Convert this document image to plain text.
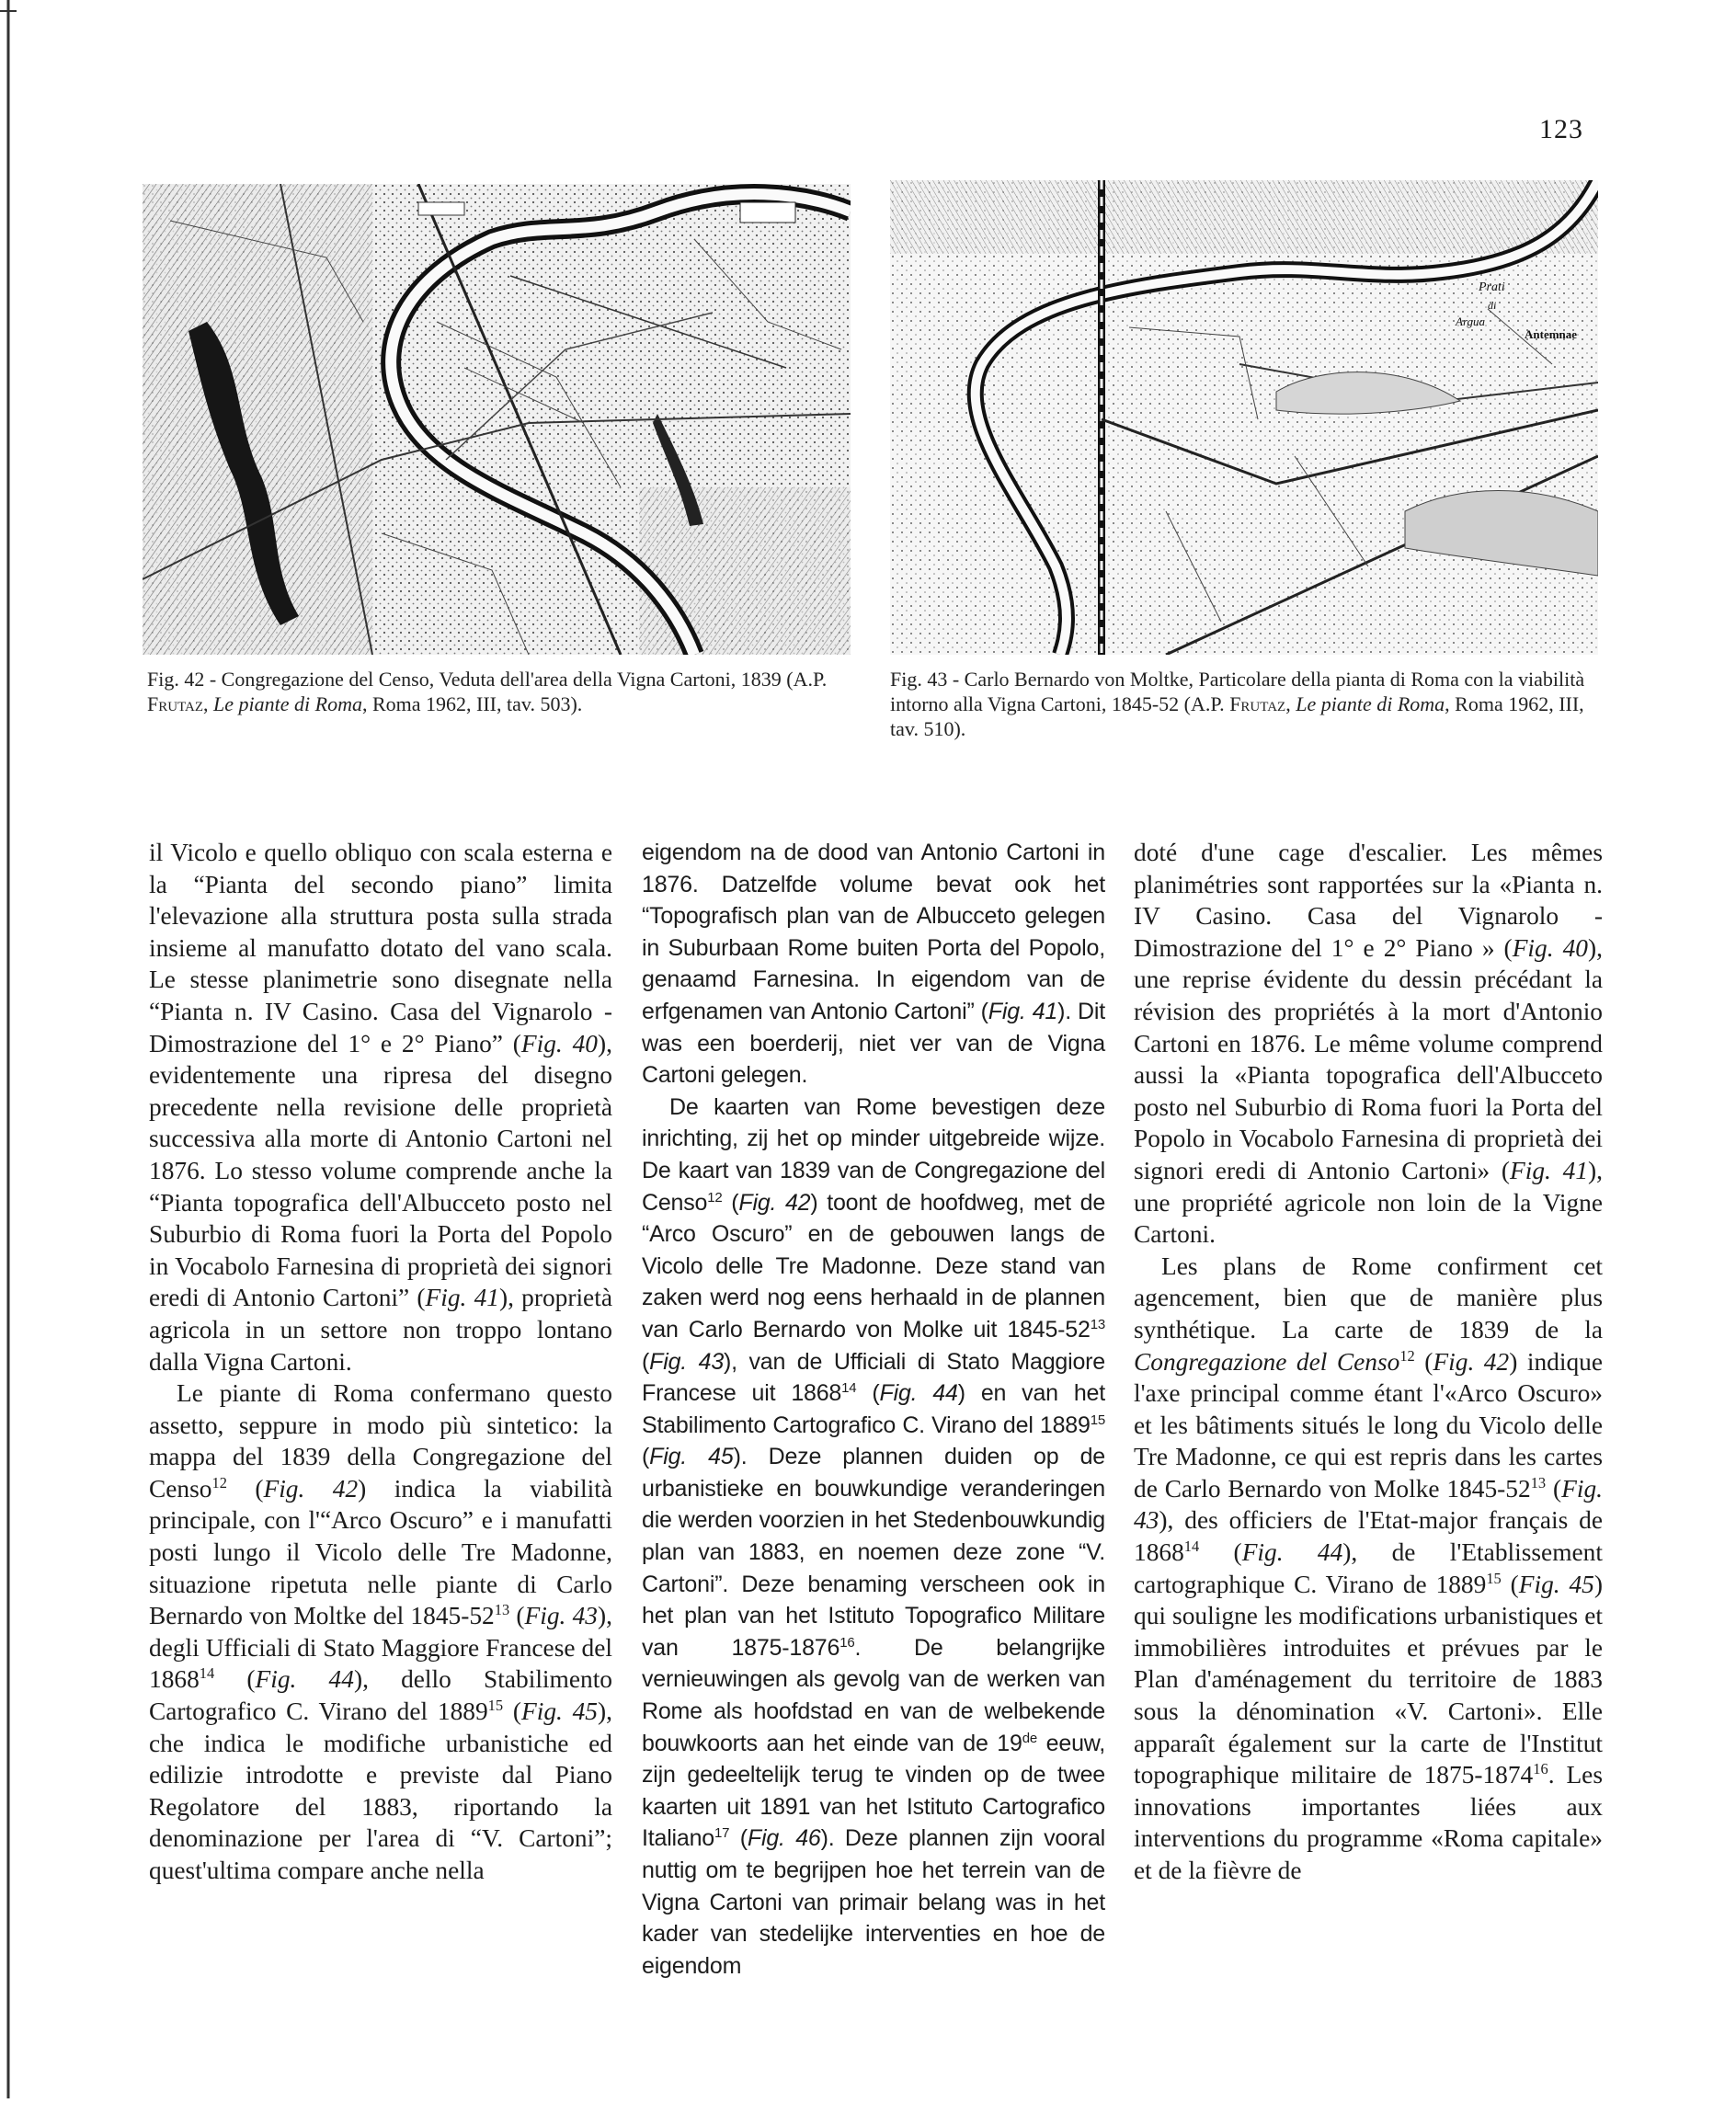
123
Fig. 42 - Congregazione del Censo, Veduta dell'area della Vigna Cartoni, 1839 (A.P. Frutaz, Le piante di Roma, Roma 1962, III, tav. 503).
Prati
di
Argua
Antemnae
Fig. 43 - Carlo Bernardo von Moltke, Particolare della pianta di Roma con la viabilità intorno alla Vigna Cartoni, 1845-52 (A.P. Frutaz, Le piante di Roma, Roma 1962, III, tav. 510).

il Vicolo e quello obliquo con scala esterna e la “Pianta del secondo piano” limita l'elevazione alla struttura posta sulla strada insieme al manufatto dotato del vano scala. Le stesse planimetrie sono disegnate nella “Pianta n. IV Casino. Casa del Vignarolo - Dimostrazione del 1° e 2° Piano” (Fig. 40), evidentemente una ripresa del disegno precedente nella revisione delle proprietà successiva alla morte di Antonio Cartoni nel 1876. Lo stesso volume comprende anche la “Pianta topografica dell'Albucceto posto nel Suburbio di Roma fuori la Porta del Popolo in Vocabolo Farnesina di proprietà dei signori eredi di Antonio Cartoni” (Fig. 41), proprietà agricola in un settore non troppo lontano dalla Vigna Cartoni.

Le piante di Roma confermano questo assetto, seppure in modo più sintetico: la mappa del 1839 della Congregazione del Censo$^{12}$ (Fig. 42) indica la viabilità principale, con l'“Arco Oscuro” e i manufatti posti lungo il Vicolo delle Tre Madonne, situazione ripetuta nelle piante di Carlo Bernardo von Moltke del $1845-52^{13}$ (Fig. 43), degli Ufficiali di Stato Maggiore Francese del 1868$^{14}$ (Fig. 44), dello Stabilimento Cartografico C. Virano del 1889$^{15}$ (Fig. 45), che indica le modifiche urbanistiche ed edilizie introdotte e previste dal Piano Regolatore del 1883, riportando la denominazione per l'area di “V. Cartoni”; quest'ultima compare anche nella

eigendom na de dood van Antonio Cartoni in 1876. Datzelfde volume bevat ook het “Topografisch plan van de Albucceto gelegen in Suburbaan Rome buiten Porta del Popolo, genaamd Farnesina. In eigendom van de erfgenamen van Antonio Cartoni” (Fig. 41). Dit was een boerderij, niet ver van de Vigna Cartoni gelegen.

De kaarten van Rome bevestigen deze inrichting, zij het op minder uitgebreide wijze. De kaart van 1839 van de Congregazione del Censo$^{12}$ (Fig. 42) toont de hoofdweg, met de “Arco Oscuro” en de gebouwen langs de Vicolo delle Tre Madonne. Deze stand van zaken werd nog eens herhaald in de plannen van Carlo Bernardo von Molke uit $1845-52^{13}$ (Fig. 43), van de Ufficiali di Stato Maggiore Francese uit 1868$^{14}$ (Fig. 44) en van het Stabilimento Cartografico C. Virano del 1889$^{15}$ (Fig. 45). Deze plannen duiden op de urbanistieke en bouwkundige veranderingen die werden voorzien in het Stedenbouwkundig plan van 1883, en noemen deze zone “V. Cartoni”. Deze benaming verscheen ook in het plan van het Istituto Topografico Militare van 1875-1876$^{16}$. De belangrijke vernieuwingen als gevolg van de werken van Rome als hoofdstad en van de welbekende bouwkoorts aan het einde van de 19de eeuw, zijn gedeeltelijk terug te vinden op de twee kaarten uit 1891 van het Istituto Cartografico Italiano$^{17}$ (Fig. 46). Deze plannen zijn vooral nuttig om te begrijpen hoe het terrein van de Vigna Cartoni van primair belang was in het kader van stedelijke interventies en hoe de eigendom

doté d'une cage d'escalier. Les mêmes planimétries sont rapportées sur la «Pianta n. IV Casino. Casa del Vignarolo - Dimostrazione del 1° e 2° Piano » (Fig. 40), une reprise évidente du dessin précédant la révision des propriétés à la mort d'Antonio Cartoni en 1876. Le même volume comprend aussi la «Pianta topografica dell'Albucceto posto nel Suburbio di Roma fuori la Porta del Popolo in Vocabolo Farnesina di proprietà dei signori eredi di Antonio Cartoni» (Fig. 41), une propriété agricole non loin de la Vigne Cartoni.

Les plans de Rome confirment cet agencement, bien que de manière plus synthétique. La carte de 1839 de la Congregazione del Censo$^{12}$ (Fig. 42) indique l'axe principal comme étant l'«Arco Oscuro» et les bâtiments situés le long du Vicolo delle Tre Madonne, ce qui est repris dans les cartes de Carlo Bernardo von Molke $1845-52^{13}$ (Fig. 43), des officiers de l'Etat-major français de 1868$^{14}$ (Fig. 44), de l'Etablissement cartographique C. Virano de 1889$^{15}$ (Fig. 45) qui souligne les modifications urbanistiques et immobilières introduites et prévues par le Plan d'aménagement du territoire de 1883 sous la dénomination «V. Cartoni». Elle apparaît également sur la carte de l'Institut topographique militaire de 1875-1874$^{16}$. Les innovations importantes liées aux interventions du programme «Roma capitale» et de la fièvre de
